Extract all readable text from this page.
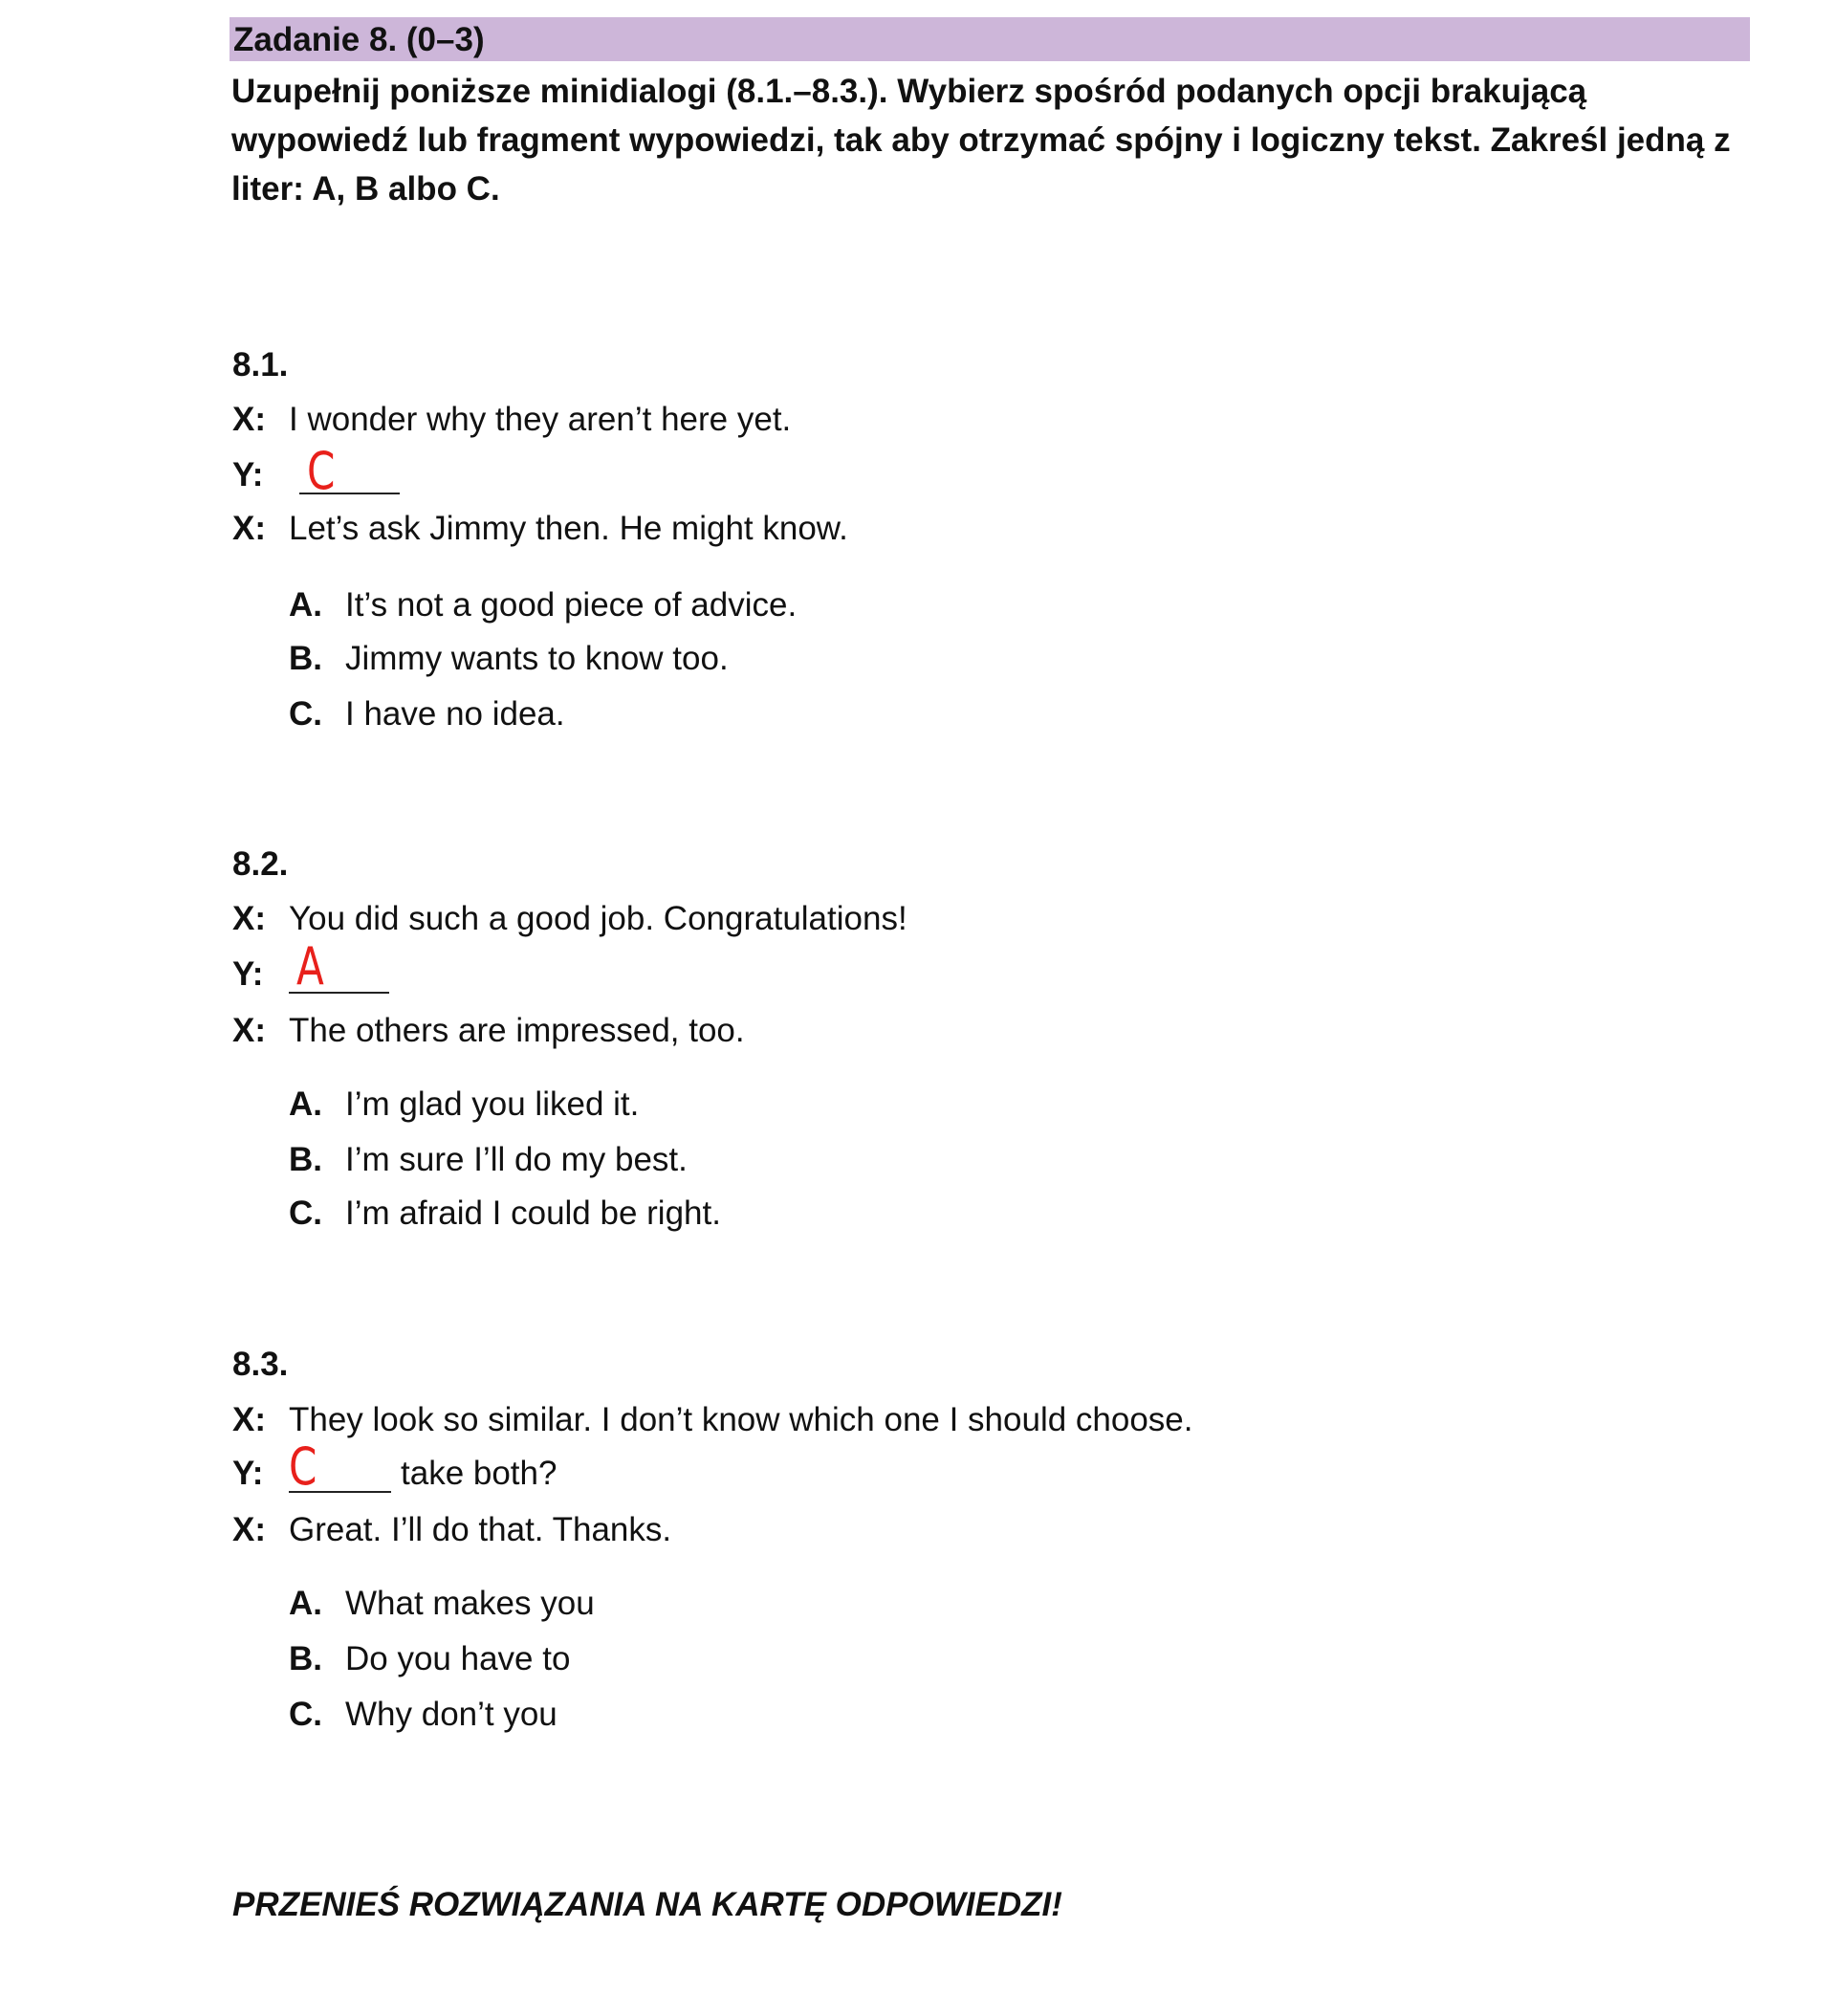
Zadanie 8. (0–3)
Uzupełnij poniższe minidialogi (8.1.–8.3.). Wybierz spośród podanych opcji brakującą wypowiedź lub fragment wypowiedzi, tak aby otrzymać spójny i logiczny tekst. Zakreśl jedną z liter: A, B albo C.
8.1.
X: I wonder why they aren’t here yet.
Y: C
X: Let’s ask Jimmy then. He might know.
A. It’s not a good piece of advice.
B. Jimmy wants to know too.
C. I have no idea.
8.2.
X: You did such a good job. Congratulations!
Y: A
X: The others are impressed, too.
A. I’m glad you liked it.
B. I’m sure I’ll do my best.
C. I’m afraid I could be right.
8.3.
X: They look so similar. I don’t know which one I should choose.
Y: C	take both?
X: Great. I’ll do that. Thanks.
A. What makes you
B. Do you have to
C. Why don’t you
PRZENIEŚ ROZWIĄZANIA NA KARTĘ ODPOWIEDZI!
